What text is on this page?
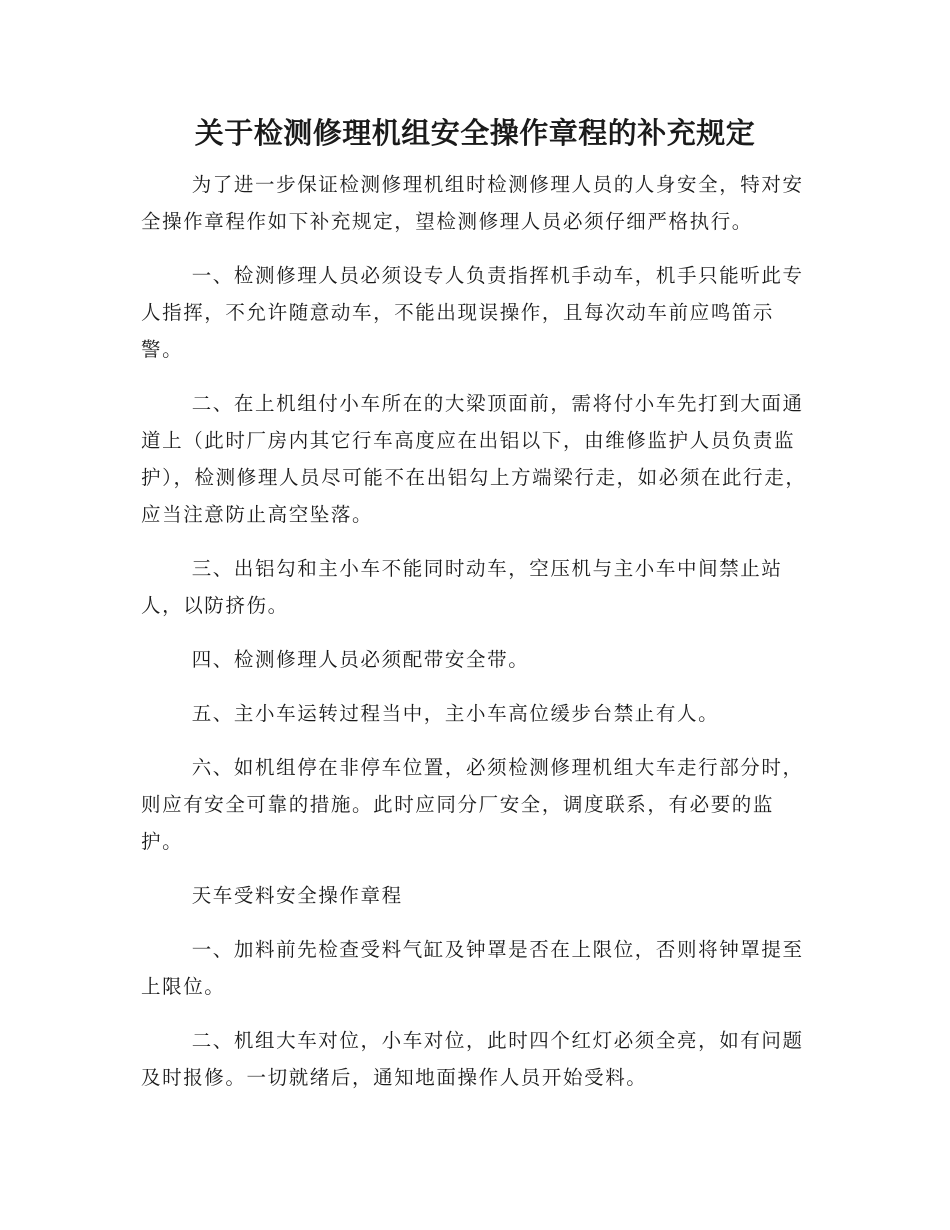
关于检测修理机组安全操作章程的补充规定

为了进一步保证检测修理机组时检测修理人员的人身安全，特对安全操作章程作如下补充规定，望检测修理人员必须仔细严格执行。

一、检测修理人员必须设专人负责指挥机手动车，机手只能听此专人指挥，不允许随意动车，不能出现误操作，且每次动车前应鸣笛示警。

二、在上机组付小车所在的大梁顶面前，需将付小车先打到大面通道上（此时厂房内其它行车高度应在出铝以下，由维修监护人员负责监护），检测修理人员尽可能不在出铝勾上方端梁行走，如必须在此行走，应当注意防止高空坠落。

三、出铝勾和主小车不能同时动车，空压机与主小车中间禁止站人，以防挤伤。

四、检测修理人员必须配带安全带。

五、主小车运转过程当中，主小车高位缓步台禁止有人。

六、如机组停在非停车位置，必须检测修理机组大车走行部分时，则应有安全可靠的措施。此时应同分厂安全，调度联系，有必要的监护。

天车受料安全操作章程

一、加料前先检查受料气缸及钟罩是否在上限位，否则将钟罩提至上限位。

二、机组大车对位，小车对位，此时四个红灯必须全亮，如有问题及时报修。一切就绪后，通知地面操作人员开始受料。
